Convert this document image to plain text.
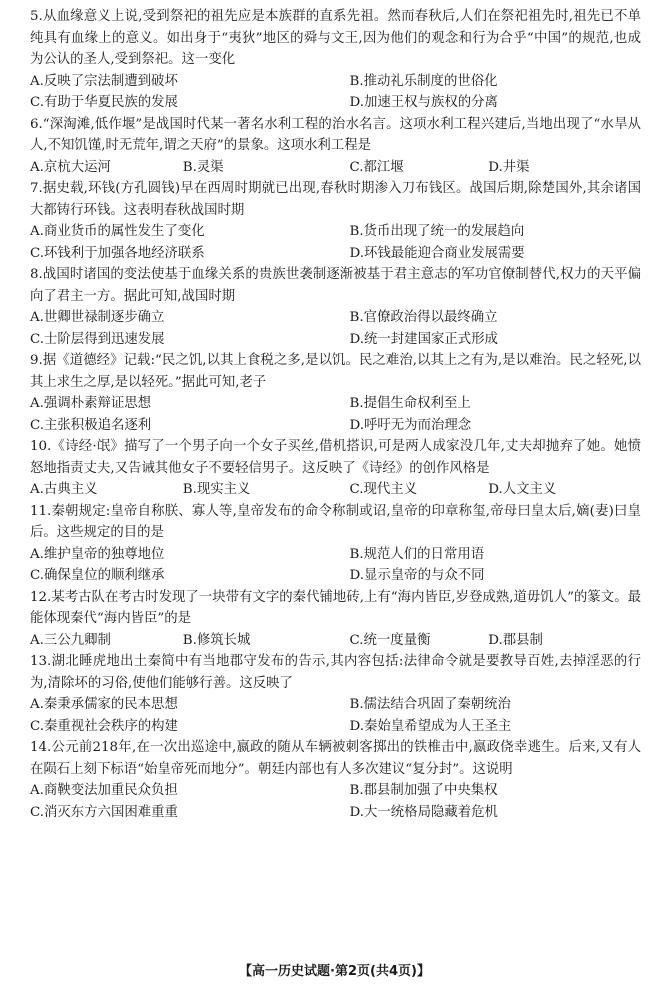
5.从血缘意义上说,受到祭祀的祖先应是本族群的直系先祖。然而春秋后,人们在祭祀祖先时,祖先已不单纯具有血缘上的意义。如出身于“夷狄”地区的舜与文王,因为他们的观念和行为合乎“中国”的规范,也成为公认的圣人,受到祭祀。这一变化

A.反映了宗法制遭到破坏	B.推动礼乐制度的世俗化
C.有助于华夏民族的发展	D.加速王权与族权的分离

6.“深淘滩,低作堰”是战国时代某一著名水利工程的治水名言。这项水利工程兴建后,当地出现了“水旱从人,不知饥馑,时无荒年,谓之天府”的景象。这项水利工程是

A.京杭大运河	B.灵渠	C.都江堰	D.井渠

7.据史载,环钱(方孔圆钱)早在西周时期就已出现,春秋时期渗入刀布钱区。战国后期,除楚国外,其余诸国大都铸行环钱。这表明春秋战国时期

A.商业货币的属性发生了变化	B.货币出现了统一的发展趋向
C.环钱利于加强各地经济联系	D.环钱最能迎合商业发展需要

8.战国时诸国的变法使基于血缘关系的贵族世袭制逐渐被基于君主意志的军功官僚制替代,权力的天平偏向了君主一方。据此可知,战国时期

A.世卿世禄制逐步确立	B.官僚政治得以最终确立
C.士阶层得到迅速发展	D.统一封建国家正式形成

9.据《道德经》记载:“民之饥,以其上食税之多,是以饥。民之难治,以其上之有为,是以难治。民之轻死,以其上求生之厚,是以轻死。”据此可知,老子

A.强调朴素辩证思想	B.提倡生命权利至上
C.主张积极追名逐利	D.呼吁无为而治理念

10.《诗经·氓》描写了一个男子向一个女子买丝,借机搭识,可是两人成家没几年,丈夫却抛弃了她。她愤怒地指责丈夫,又告诫其他女子不要轻信男子。这反映了《诗经》的创作风格是

A.古典主义	B.现实主义	C.现代主义	D.人文主义

11.秦朝规定:皇帝自称朕、寡人等,皇帝发布的命令称制或诏,皇帝的印章称玺,帝母曰皇太后,嫡(妻)曰皇后。这些规定的目的是

A.维护皇帝的独尊地位	B.规范人们的日常用语
C.确保皇位的顺利继承	D.显示皇帝的与众不同

12.某考古队在考古时发现了一块带有文字的秦代铺地砖,上有“海内皆臣,岁登成熟,道毋饥人”的篆文。最能体现秦代“海内皆臣”的是

A.三公九卿制	B.修筑长城	C.统一度量衡	D.郡县制

13.湖北睡虎地出土秦简中有当地郡守发布的告示,其内容包括:法律命令就是要教导百姓,去掉淫恶的行为,清除坏的习俗,使他们能够行善。这反映了

A.秦秉承儒家的民本思想	B.儒法结合巩固了秦朝统治
C.秦重视社会秩序的构建	D.秦始皇希望成为人王圣主

14.公元前218年,在一次出巡途中,嬴政的随从车辆被刺客掷出的铁椎击中,嬴政侥幸逃生。后来,又有人在陨石上刻下标语“始皇帝死而地分”。朝廷内部也有人多次建议“复分封”。这说明

A.商鞅变法加重民众负担	B.郡县制加强了中央集权
C.消灭东方六国困难重重	D.大一统格局隐藏着危机
【高一历史试题·第2页(共4页)】
